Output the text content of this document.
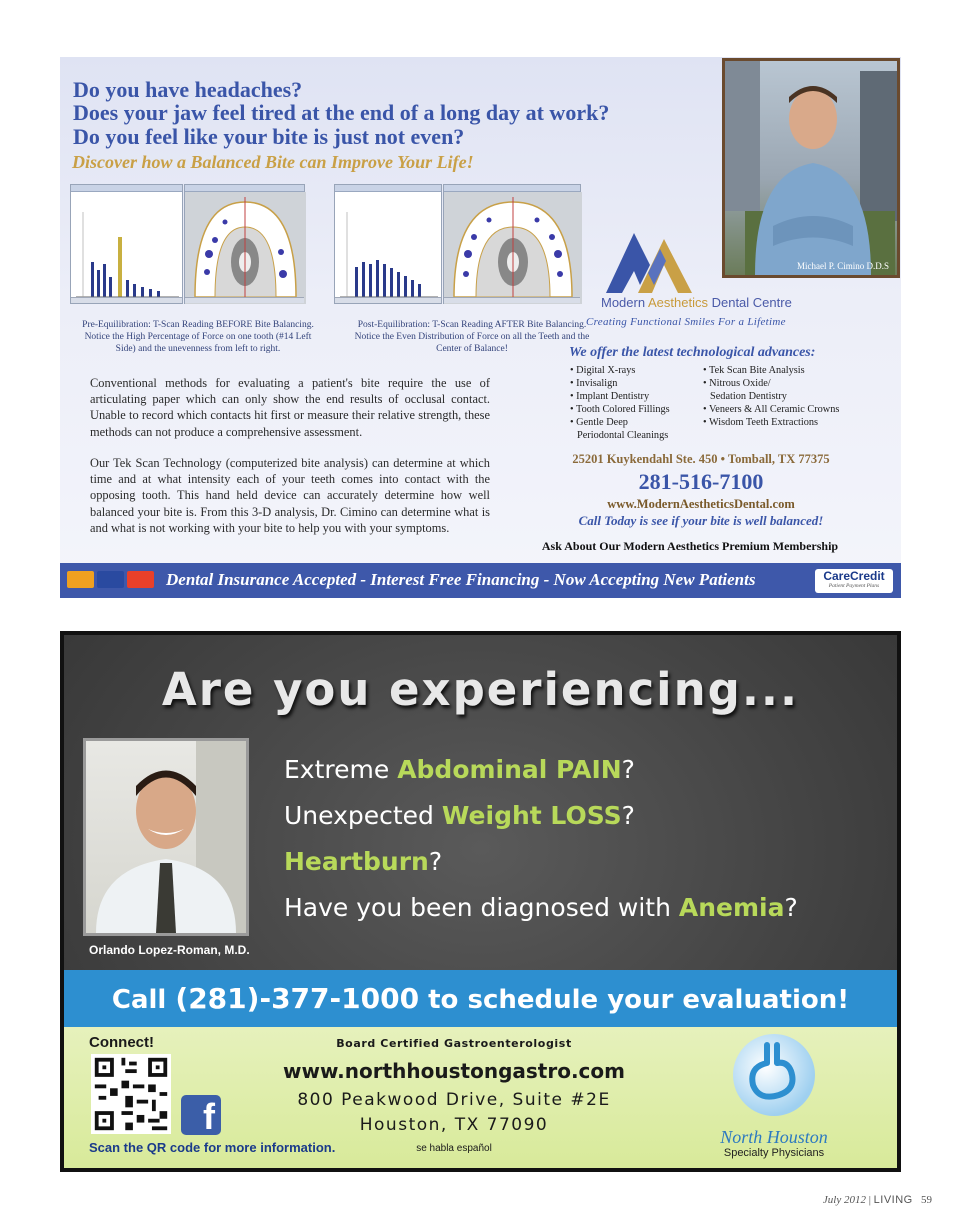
Do you have headaches?
Does your jaw feel tired at the end of a long day at work?
Do you feel like your bite is just not even?
Discover how a Balanced Bite can Improve Your Life!
Pre-Equilibration: T-Scan Reading BEFORE Bite Balancing. Notice the High Percentage of Force on one tooth (#14 Left Side) and the unevenness from left to right.
Post-Equilibration: T-Scan Reading AFTER Bite Balancing. Notice the Even Distribution of Force on all the Teeth and the Center of Balance!

Conventional methods for evaluating a patient's bite require the use of articulating paper which can only show the end results of occlusal contact. Unable to record which contacts hit first or measure their relative strength, these methods can not produce a comprehensive assessment.

Our Tek Scan Technology (computerized bite analysis) can determine at which time and at what intensity each of your teeth comes into contact with the opposing tooth. This hand held device can accurately determine how well balanced your bite is. From this 3-D analysis, Dr. Cimino can determine what is and what is not working with your bite to help you with your symptoms.

Michael P. Cimino D.D.S
Modern Aesthetics Dental Centre
Creating Functional Smiles For a Lifetime
We offer the latest technological advances:
• Digital X-rays
• Invisalign
• Implant Dentistry
• Tooth Colored Fillings
• Gentle Deep
Periodontal Cleanings
• Tek Scan Bite Analysis
• Nitrous Oxide/
Sedation Dentistry
• Veneers & All Ceramic Crowns
• Wisdom Teeth Extractions
25201 Kuykendahl Ste. 450 • Tomball, TX 77375
281-516-7100
www.ModernAestheticsDental.com
Call Today is see if your bite is well balanced!
Ask About Our Modern Aesthetics Premium Membership
Dental Insurance Accepted - Interest Free Financing - Now Accepting New Patients	CareCredit
Patient Payment Plans
Are you experiencing...
Orlando Lopez-Roman, M.D.
Extreme Abdominal PAIN?
Unexpected Weight LOSS?
Heartburn?
Have you been diagnosed with Anemia?
Call (281)-377-1000 to schedule your evaluation!
Connect!
f
Scan the QR code for more information.
Board Certified Gastroenterologist
www.northhoustongastro.com
800 Peakwood Drive, Suite #2E
Houston, TX 77090
se habla español
North Houston
Specialty Physicians
July 2012 | LIVING 59
